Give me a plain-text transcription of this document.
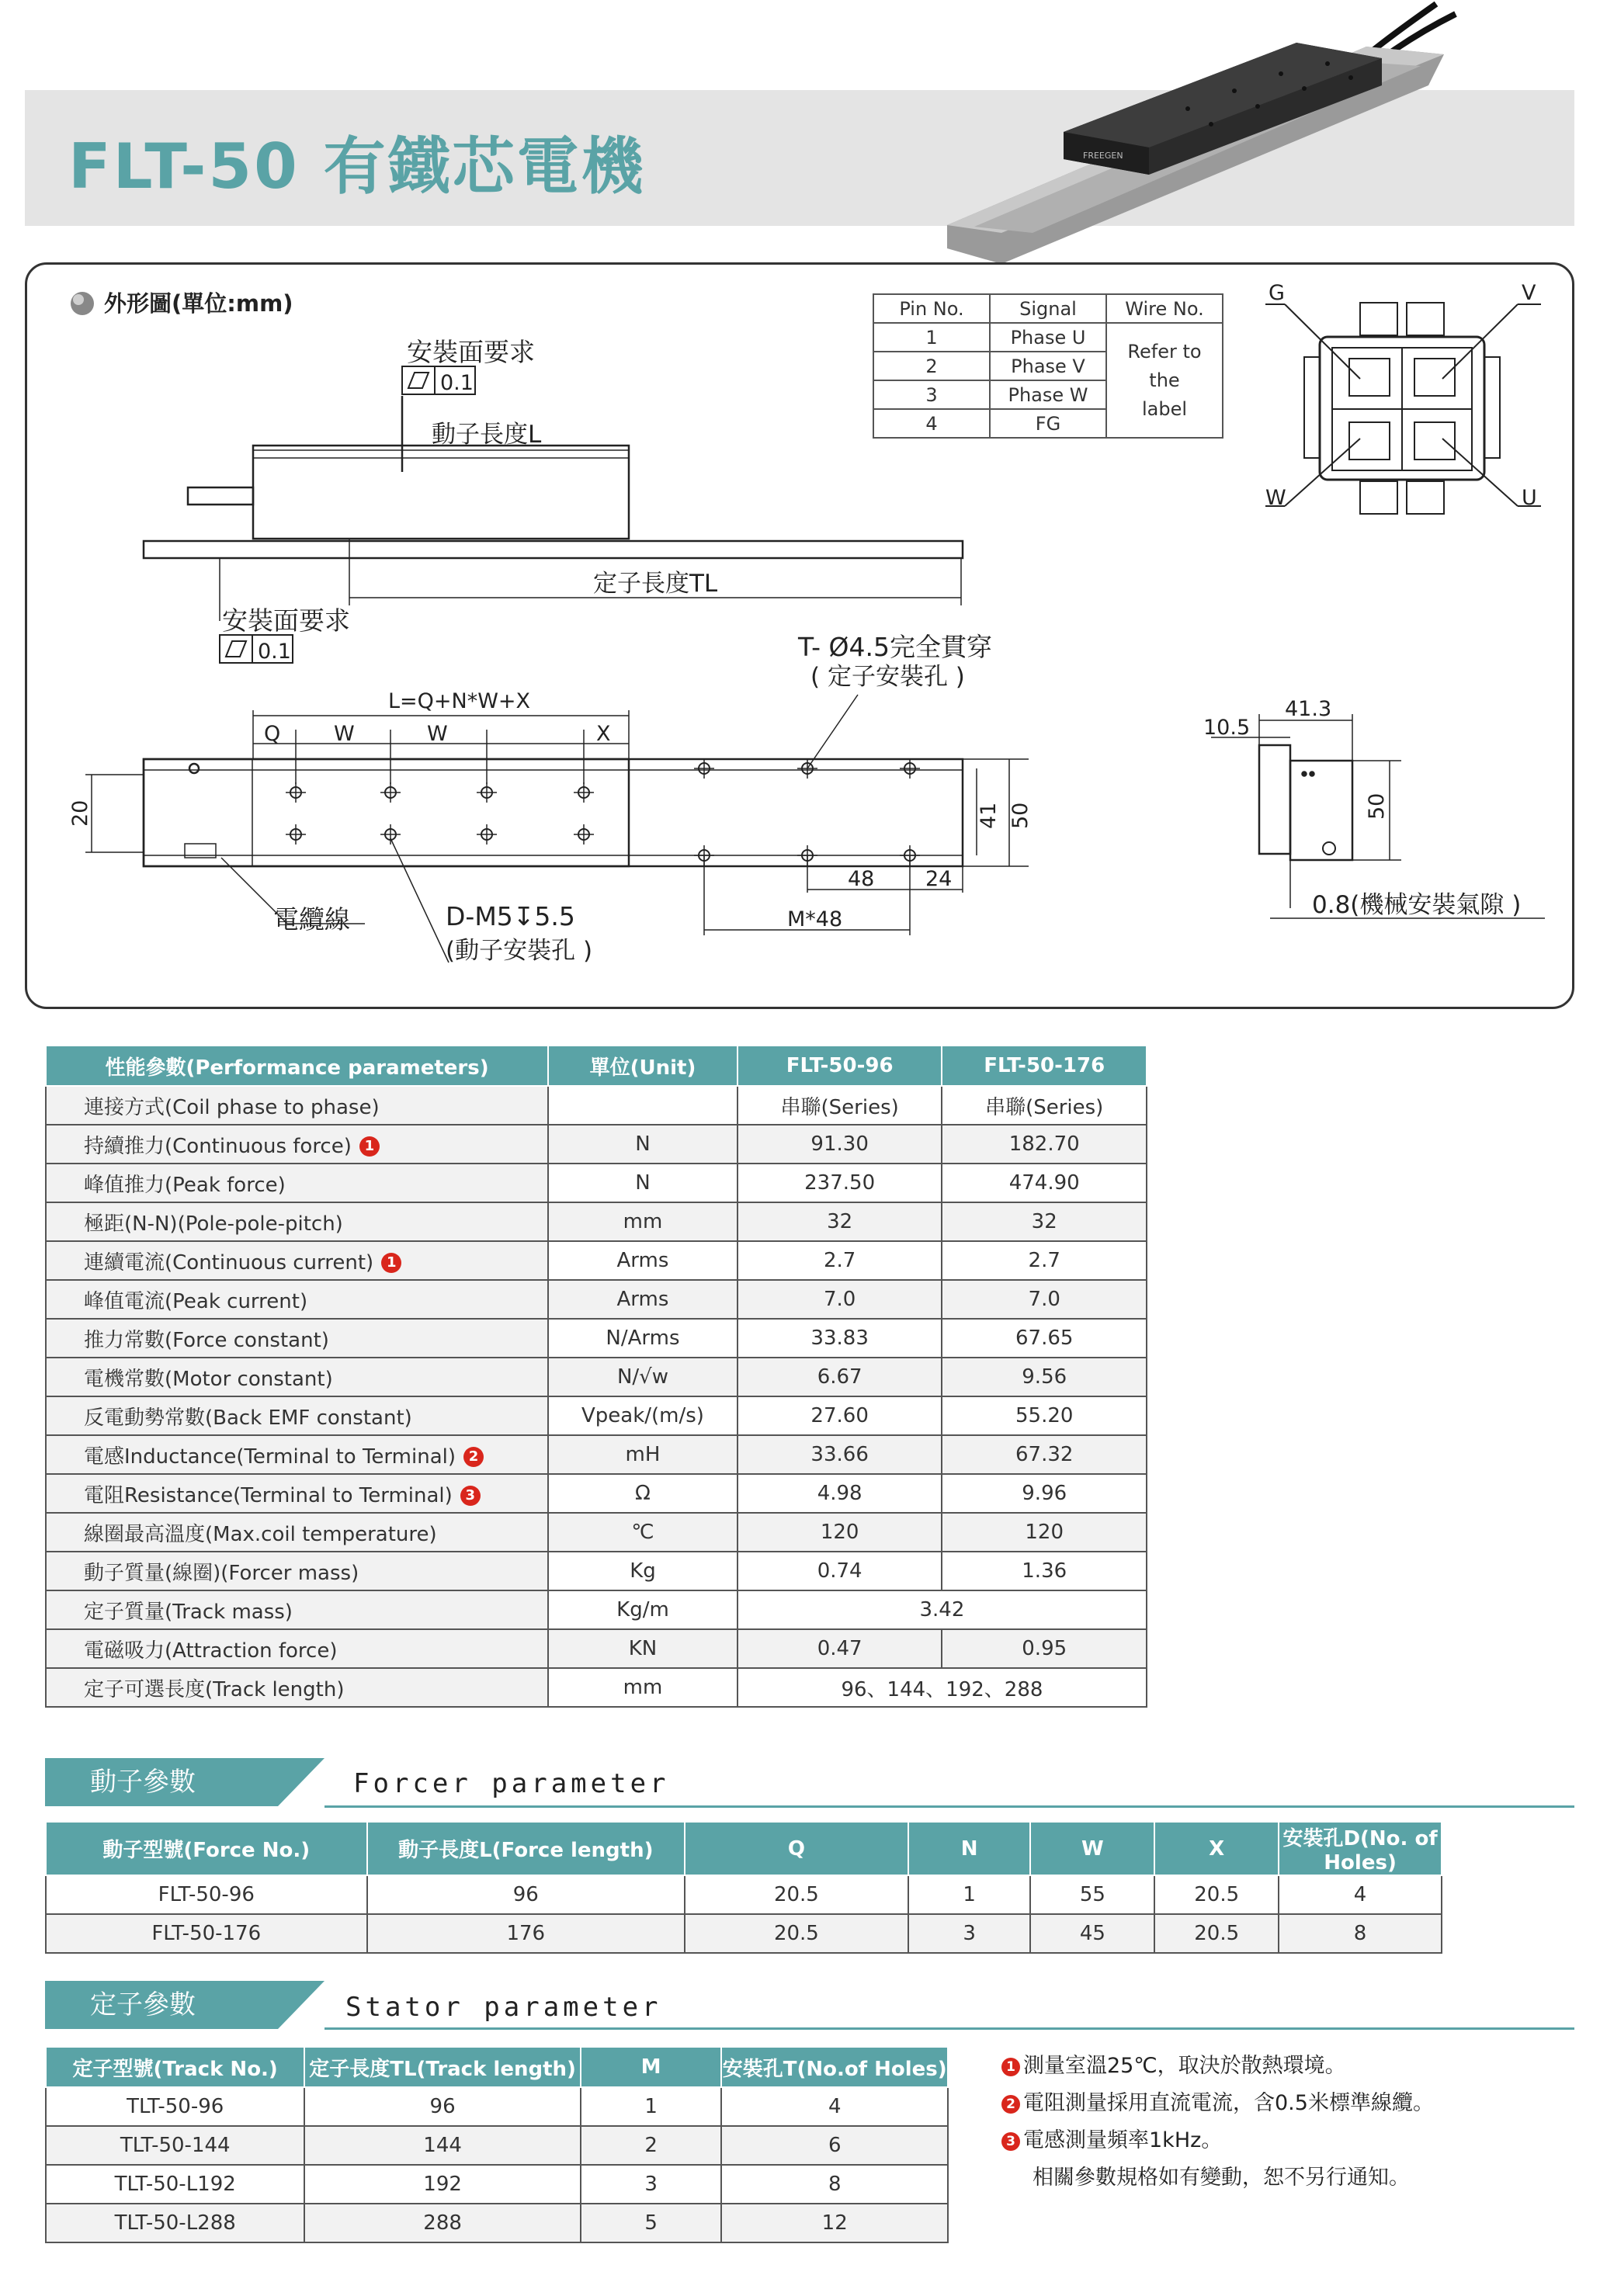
FLT-50 有鐵芯電機	FREEGEN
外形圖(單位:mm)
安裝面要求
0.1
動子長度L
定子長度TL
安裝面要求
0.1	T- Ø4.5完全貫穿
( 定子安裝孔 )
L=Q+N*W+X
Q	W	W	X
20	41 50
48 24
M*48
電纜線	D-M5↧5.5
(動子安裝孔 )
41.3
10.5
50
0.8(機械安裝氣隙 )
G	V
W	U
Pin No.	Signal	Wire No.
1	Phase U	Refer to
the
label
2	Phase V	
3	Phase W	
4	FG	
性能參數(Performance parameters)	單位(Unit)	FLT-50-96	FLT-50-176
連接方式(Coil phase to phase)		串聯(Series)	串聯(Series)
持續推力(Continuous force) 1	N	91.30	182.70
峰值推力(Peak force)	N	237.50	474.90
極距(N-N)(Pole-pole-pitch)	mm	32	32
連續電流(Continuous current) 1	Arms	2.7	2.7
峰值電流(Peak current)	Arms	7.0	7.0
推力常數(Force constant)	N/Arms	33.83	67.65
電機常數(Motor constant)	N/√w	6.67	9.56
反電動勢常數(Back EMF constant)	Vpeak/(m/s)	27.60	55.20
電感Inductance(Terminal to Terminal) 2	mH	33.66	67.32
電阻Resistance(Terminal to Terminal) 3	Ω	4.98	9.96
線圈最高溫度(Max.coil temperature)	℃	120	120
動子質量(線圈)(Forcer mass)	Kg	0.74	1.36
定子質量(Track mass)	Kg/m	3.42	
電磁吸力(Attraction force)	KN	0.47	0.95
定子可選長度(Track length)	mm	96、144、192、288	
動子參數	Forcer parameter
動子型號(Force No.)	動子長度L(Force length)	Q	N	W	X	安裝孔D(No. of Holes)
FLT-50-96	96	20.5	1	55	20.5	4
FLT-50-176	176	20.5	3	45	20.5	8
定子參數	Stator parameter
定子型號(Track No.)	定子長度TL(Track length)	M	安裝孔T(No.of Holes)
TLT-50-96	96	1	4
TLT-50-144	144	2	6
TLT-50-L192	192	3	8
TLT-50-L288	288	5	12
1 測量室溫25℃，取決於散熱環境。
2 電阻測量採用直流電流，含0.5米標準線纜。
3 電感測量頻率1kHz。
相關參數規格如有變動，恕不另行通知。
